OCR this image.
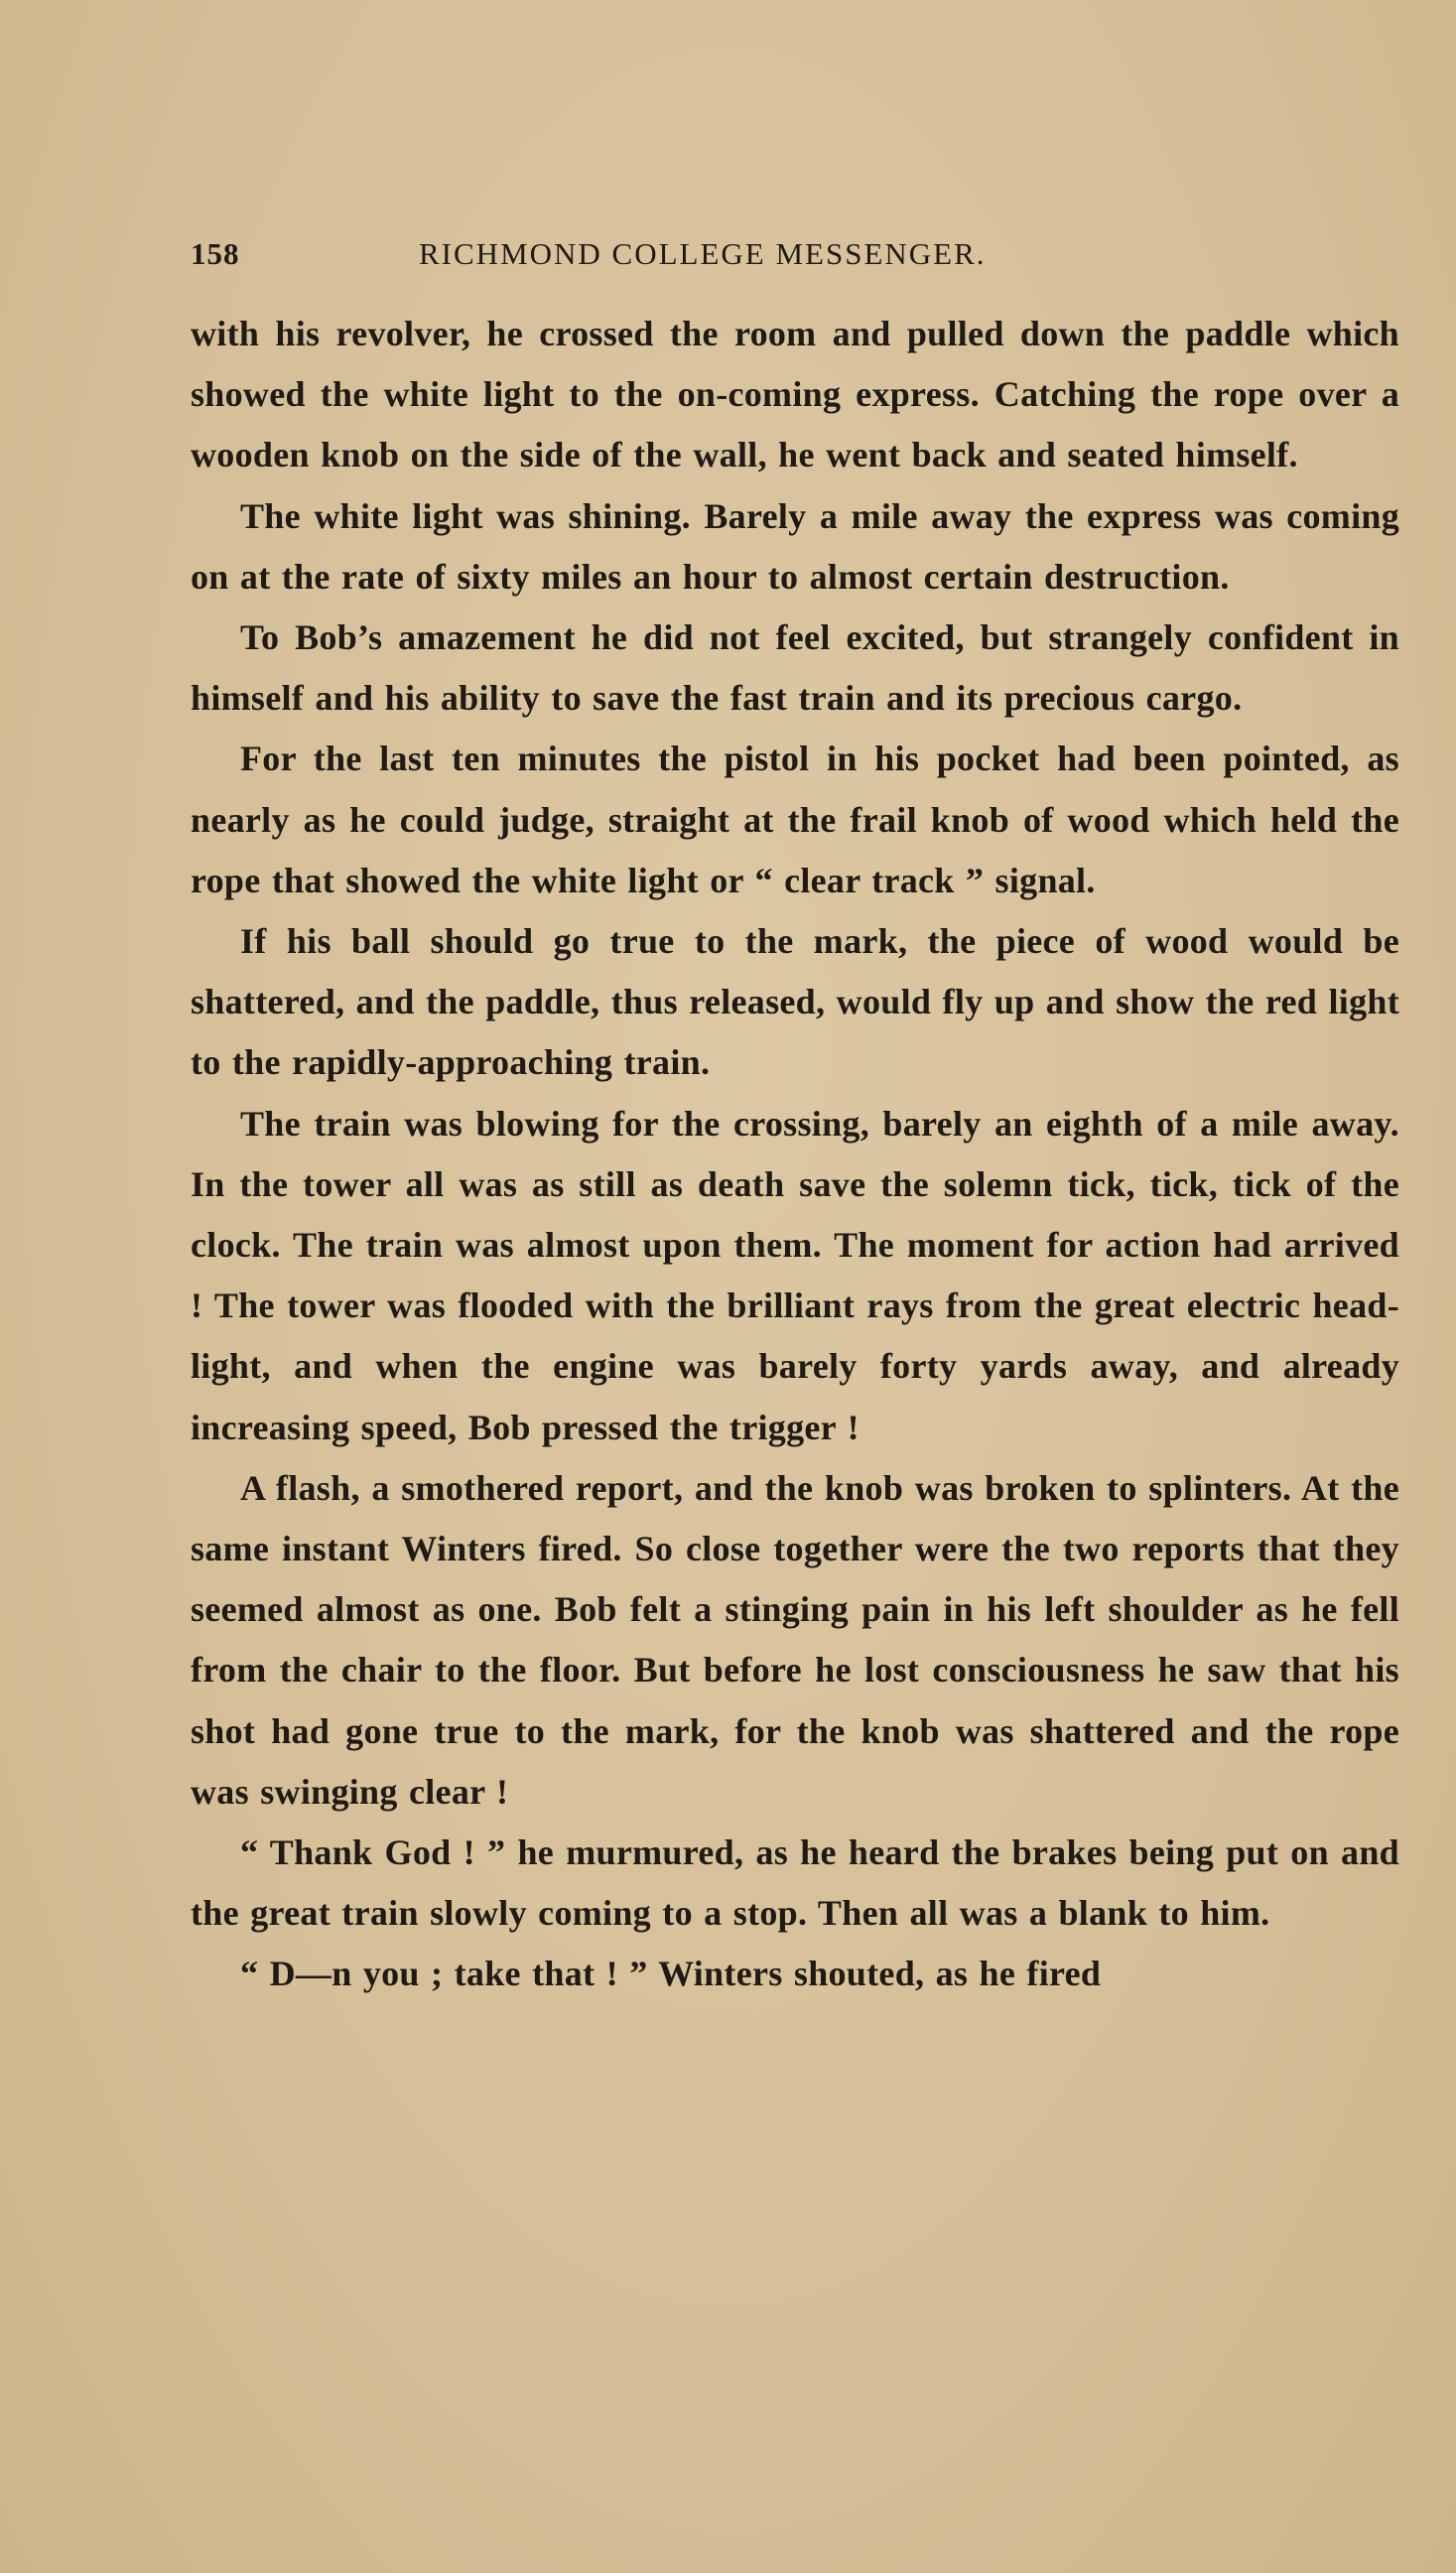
158	RICHMOND COLLEGE MESSENGER.

with his revolver, he crossed the room and pulled down the paddle which showed the white light to the on-coming express. Catching the rope over a wooden knob on the side of the wall, he went back and seated himself.

The white light was shining. Barely a mile away the express was coming on at the rate of sixty miles an hour to almost certain destruction.

To Bob’s amazement he did not feel excited, but strangely confident in himself and his ability to save the fast train and its precious cargo.

For the last ten minutes the pistol in his pocket had been pointed, as nearly as he could judge, straight at the frail knob of wood which held the rope that showed the white light or “ clear track ” signal.

If his ball should go true to the mark, the piece of wood would be shattered, and the paddle, thus released, would fly up and show the red light to the rapidly-approaching train.

The train was blowing for the crossing, barely an eighth of a mile away. In the tower all was as still as death save the solemn tick, tick, tick of the clock. The train was almost upon them. The moment for action had arrived ! The tower was flooded with the brilliant rays from the great electric head-light, and when the engine was barely forty yards away, and already increasing speed, Bob pressed the trigger !

A flash, a smothered report, and the knob was broken to splinters. At the same instant Winters fired. So close together were the two reports that they seemed almost as one. Bob felt a stinging pain in his left shoulder as he fell from the chair to the floor. But before he lost consciousness he saw that his shot had gone true to the mark, for the knob was shattered and the rope was swinging clear !

“ Thank God ! ” he murmured, as he heard the brakes being put on and the great train slowly coming to a stop. Then all was a blank to him.

“ D—n you ; take that ! ” Winters shouted, as he fired
